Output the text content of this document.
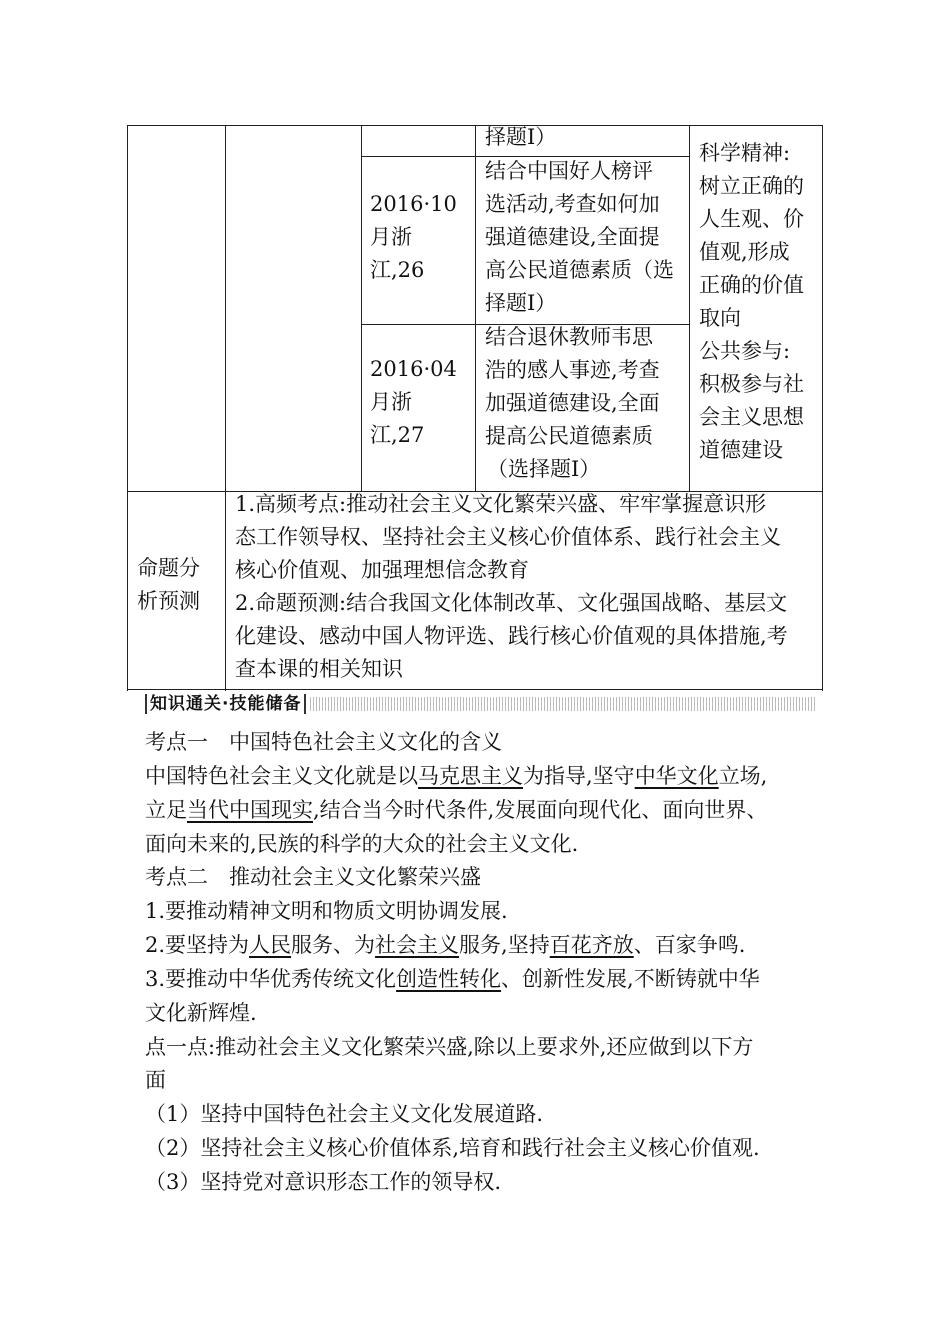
择题Ⅰ）
2016·10
月浙
江,26
结合中国好人榜评
选活动,考查如何加
强道德建设,全面提
高公民道德素质（选
择题Ⅰ）
2016·04
月浙
江,27
结合退休教师韦思
浩的感人事迹,考查
加强道德建设,全面
提高公民道德素质
（选择题Ⅰ）
科学精神:
树立正确的
人生观、价
值观,形成
正确的价值
取向
公共参与:
积极参与社
会主义思想
道德建设
命题分
析预测
1.高频考点:推动社会主义文化繁荣兴盛、牢牢掌握意识形
态工作领导权、坚持社会主义核心价值体系、践行社会主义
核心价值观、加强理想信念教育
2.命题预测:结合我国文化体制改革、文化强国战略、基层文
化建设、感动中国人物评选、践行核心价值观的具体措施,考
查本课的相关知识
知识通关·技能储备
考点一　中国特色社会主义文化的含义
中国特色社会主义文化就是以马克思主义为指导,坚守中华文化立场,
立足当代中国现实,结合当今时代条件,发展面向现代化、面向世界、
面向未来的,民族的科学的大众的社会主义文化.
考点二　推动社会主义文化繁荣兴盛
1.要推动精神文明和物质文明协调发展.
2.要坚持为人民服务、为社会主义服务,坚持百花齐放、百家争鸣.
3.要推动中华优秀传统文化创造性转化、创新性发展,不断铸就中华
文化新辉煌.
点一点:推动社会主义文化繁荣兴盛,除以上要求外,还应做到以下方
面
（1）坚持中国特色社会主义文化发展道路.
（2）坚持社会主义核心价值体系,培育和践行社会主义核心价值观.
（3）坚持党对意识形态工作的领导权.
